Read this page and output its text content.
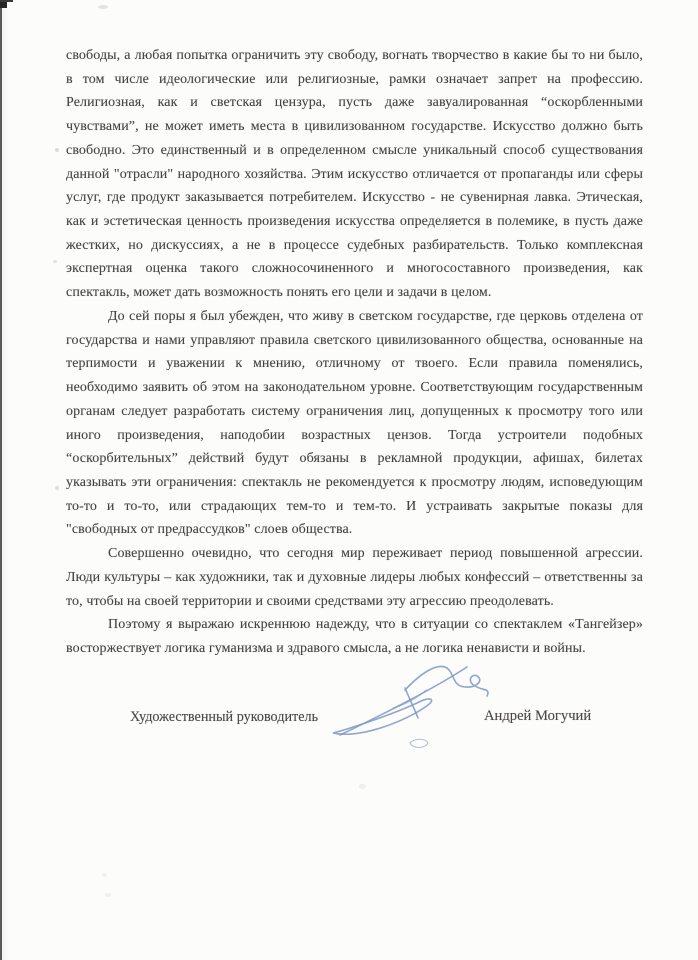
свободы, а любая попытка ограничить эту свободу, вогнать творчество в какие бы то ни было,
в том числе идеологические или религиозные, рамки означает запрет на профессию.
Религиозная, как и светская цензура, пусть даже завуалированная “оскорбленными
чувствами”, не может иметь места в цивилизованном государстве. Искусство должно быть
свободно. Это единственный и в определенном смысле уникальный способ существования
данной "отрасли" народного хозяйства. Этим искусство отличается от пропаганды или сферы
услуг, где продукт заказывается потребителем. Искусство - не сувенирная лавка. Этическая,
как и эстетическая ценность произведения искусства определяется в полемике, в пусть даже
жестких, но дискуссиях, а не в процессе судебных разбирательств. Только комплексная
экспертная оценка такого сложносочиненного и многосоставного произведения, как
спектакль, может дать возможность понять его цели и задачи в целом.
До сей поры я был убежден, что живу в светском государстве, где церковь отделена от
государства и нами управляют правила светского цивилизованного общества, основанные на
терпимости и уважении к мнению, отличному от твоего. Если правила поменялись,
необходимо заявить об этом на законодательном уровне. Соответствующим государственным
органам следует разработать систему ограничения лиц, допущенных к просмотру того или
иного произведения, наподобии возрастных цензов. Тогда устроители подобных
“оскорбительных” действий будут обязаны в рекламной продукции, афишах, билетах
указывать эти ограничения: спектакль не рекомендуется к просмотру людям, исповедующим
то-то и то-то, или страдающих тем-то и тем-то. И устраивать закрытые показы для
"свободных от предрассудков" слоев общества.
Совершенно очевидно, что сегодня мир переживает период повышенной агрессии.
Люди культуры – как художники, так и духовные лидеры любых конфессий – ответственны за
то, чтобы на своей территории и своими средствами эту агрессию преодолевать.
Поэтому я выражаю искреннюю надежду, что в ситуации со спектаклем «Тангейзер»
восторжествует логика гуманизма и здравого смысла, а не логика ненависти и войны.
Художественный руководитель	Андрей Могучий
